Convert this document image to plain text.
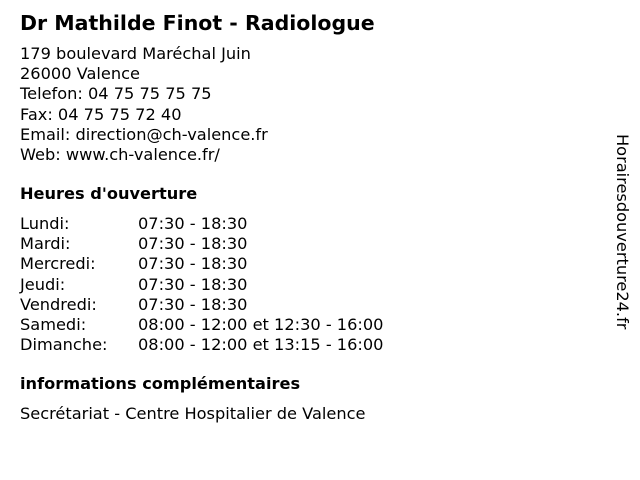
Dr Mathilde Finot - Radiologue
179 boulevard Maréchal Juin
26000 Valence
Telefon: 04 75 75 75 75
Fax: 04 75 75 72 40
Email: direction@ch-valence.fr
Web: www.ch-valence.fr/
Heures d'ouverture
Lundi:	07:30 - 18:30
Mardi:	07:30 - 18:30
Mercredi:	07:30 - 18:30
Jeudi:	07:30 - 18:30
Vendredi:	07:30 - 18:30
Samedi:	08:00 - 12:00 et 12:30 - 16:00
Dimanche:	08:00 - 12:00 et 13:15 - 16:00
informations complémentaires
Secrétariat - Centre Hospitalier de Valence
Horairesdouverture24.fr
